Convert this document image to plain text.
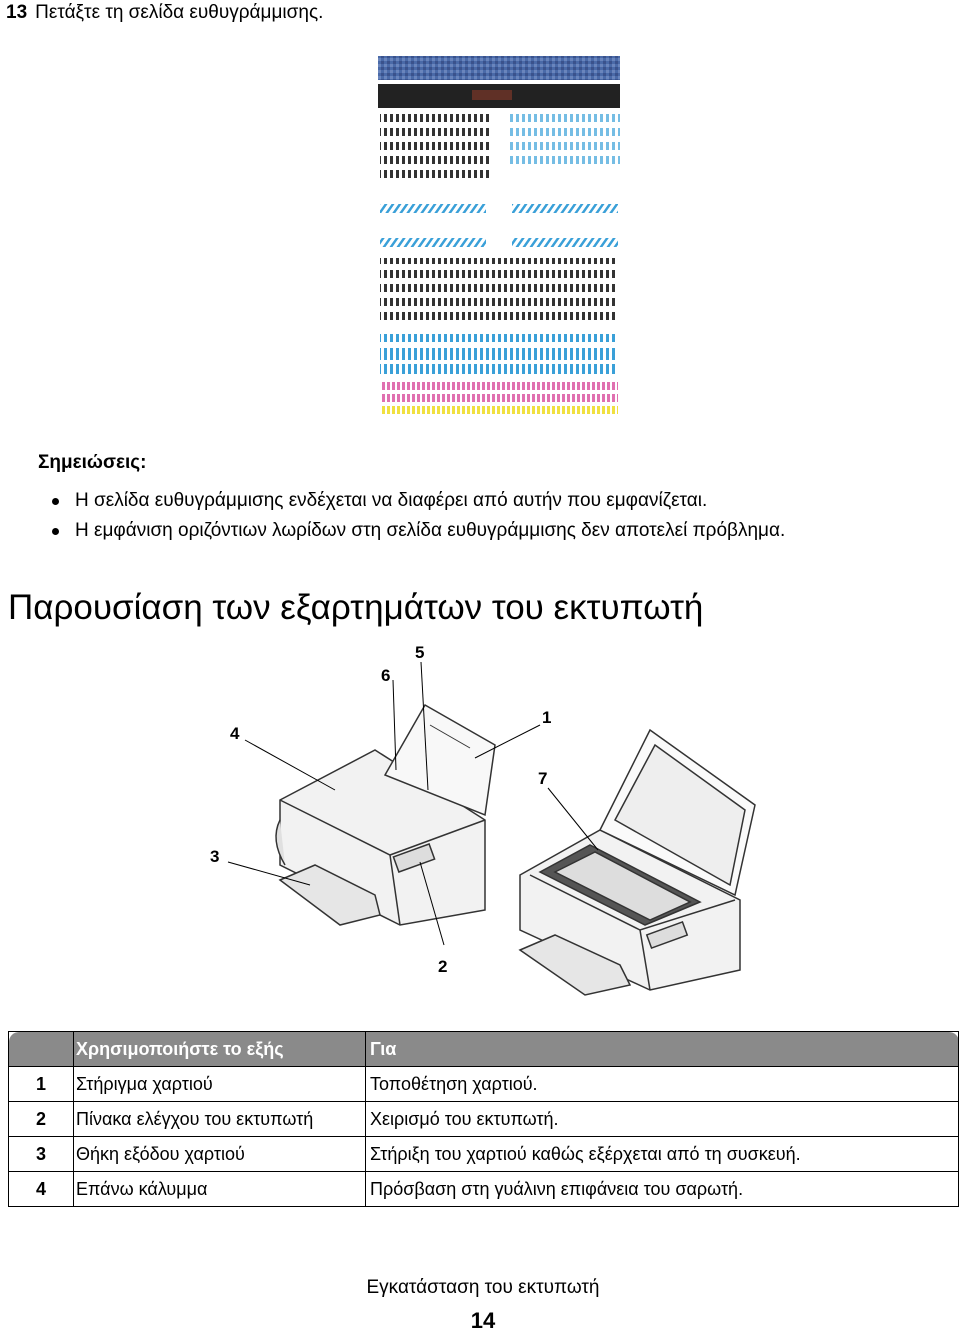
13 Πετάξτε τη σελίδα ευθυγράμμισης.
Σημειώσεις:
Η σελίδα ευθυγράμμισης ενδέχεται να διαφέρει από αυτήν που εμφανίζεται.
Η εμφάνιση οριζόντιων λωρίδων στη σελίδα ευθυγράμμισης δεν αποτελεί πρόβλημα.
Παρουσίαση των εξαρτημάτων του εκτυπωτή
5
6
1
4
7
3
2
	Χρησιμοποιήστε το εξής	Για
1	Στήριγμα χαρτιού	Τοποθέτηση χαρτιού.
2	Πίνακα ελέγχου του εκτυπωτή	Χειρισμό του εκτυπωτή.
3	Θήκη εξόδου χαρτιού	Στήριξη του χαρτιού καθώς εξέρχεται από τη συσκευή.
4	Επάνω κάλυμμα	Πρόσβαση στη γυάλινη επιφάνεια του σαρωτή.
Εγκατάσταση του εκτυπωτή
14
